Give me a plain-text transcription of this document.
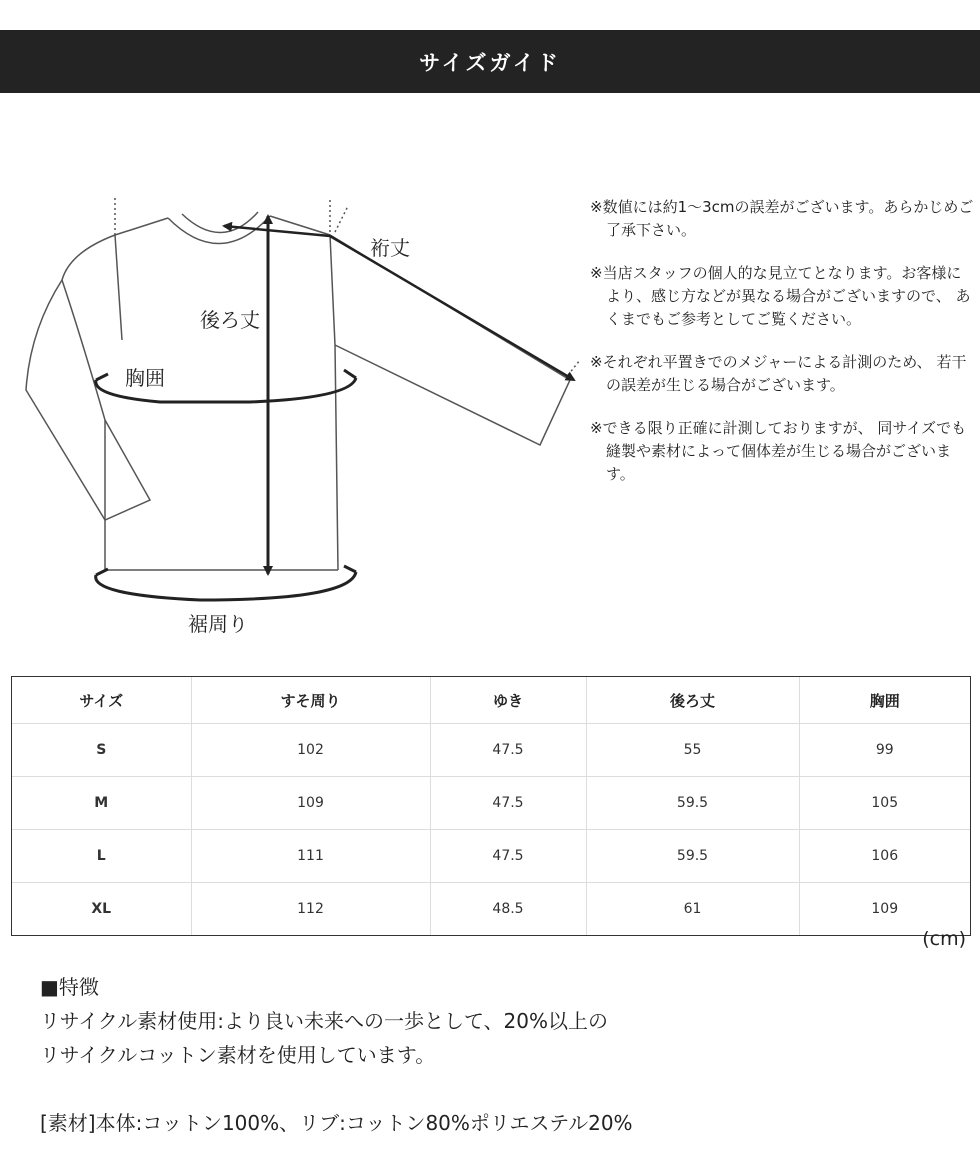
サイズガイド
裄丈
後ろ丈
胸囲
裾周り
※数値には約1〜3cmの誤差がございます。あらかじめご了承下さい。
※当店スタッフの個人的な見立てとなります。お客様により、感じ方などが異なる場合がございますので、 あくまでもご参考としてご覧ください。
※それぞれ平置きでのメジャーによる計測のため、 若干の誤差が生じる場合がございます。
※できる限り正確に計測しておりますが、 同サイズでも縫製や素材によって個体差が生じる場合がございます。
サイズ	すそ周り	ゆき	後ろ丈	胸囲
S	102	47.5	55	99
M	109	47.5	59.5	105
L	111	47.5	59.5	106
XL	112	48.5	61	109
(cm)

■特徴

リサイクル素材使用:より良い未来への一歩として、20%以上の

リサイクルコットン素材を使用しています。

[素材]本体:コットン100%、リブ:コットン80%ポリエステル20%
